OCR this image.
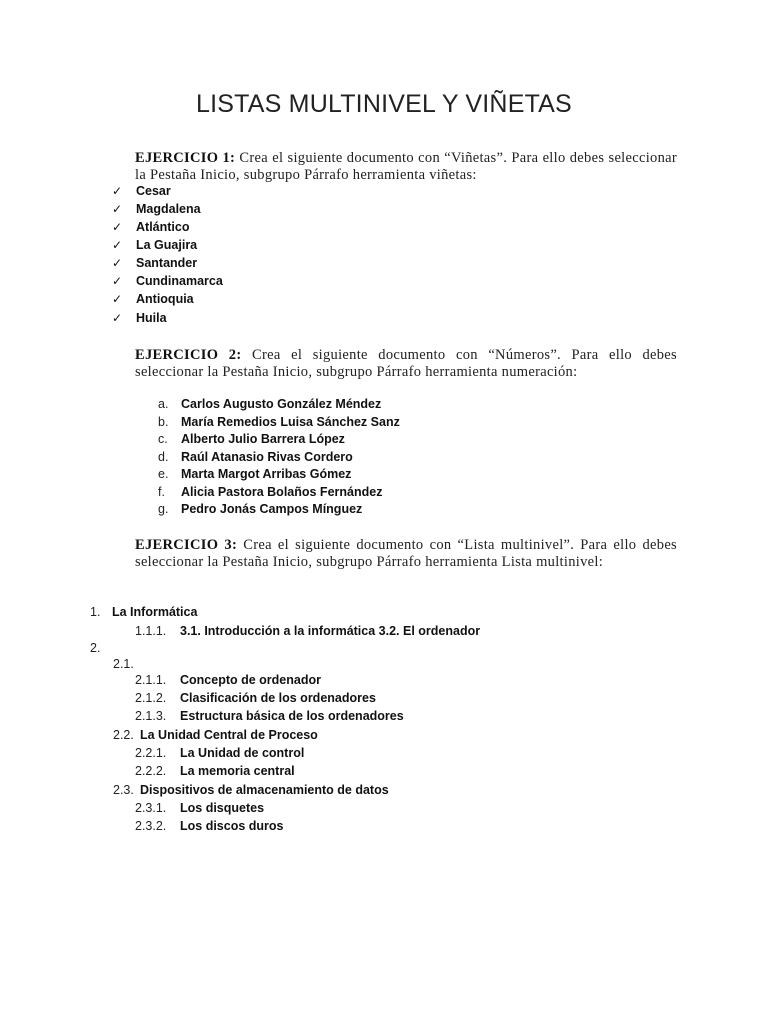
LISTAS MULTINIVEL Y VIÑETAS
EJERCICIO 1: Crea el siguiente documento con “Viñetas”. Para ello debes seleccionar la Pestaña Inicio, subgrupo Párrafo herramienta viñetas:
✓ Cesar
✓ Magdalena
✓ Atlántico
✓ La Guajira
✓ Santander
✓ Cundinamarca
✓ Antioquia
✓ Huila
EJERCICIO 2: Crea el siguiente documento con “Números”. Para ello debes seleccionar la Pestaña Inicio, subgrupo Párrafo herramienta numeración:
a. Carlos Augusto González Méndez
b. María Remedios Luisa Sánchez Sanz
c. Alberto Julio Barrera López
d. Raúl Atanasio Rivas Cordero
e. Marta Margot Arribas Gómez
f. Alicia Pastora Bolaños Fernández
g. Pedro Jonás Campos Mínguez
EJERCICIO 3: Crea el siguiente documento con “Lista multinivel”. Para ello debes seleccionar la Pestaña Inicio, subgrupo Párrafo herramienta Lista multinivel:
1. La Informática
1.1.1. 3.1. Introducción a la informática 3.2. El ordenador
2.
2.1.
2.1.1. Concepto de ordenador
2.1.2. Clasificación de los ordenadores
2.1.3. Estructura básica de los ordenadores
2.2. La Unidad Central de Proceso
2.2.1. La Unidad de control
2.2.2. La memoria central
2.3. Dispositivos de almacenamiento de datos
2.3.1. Los disquetes
2.3.2. Los discos duros
